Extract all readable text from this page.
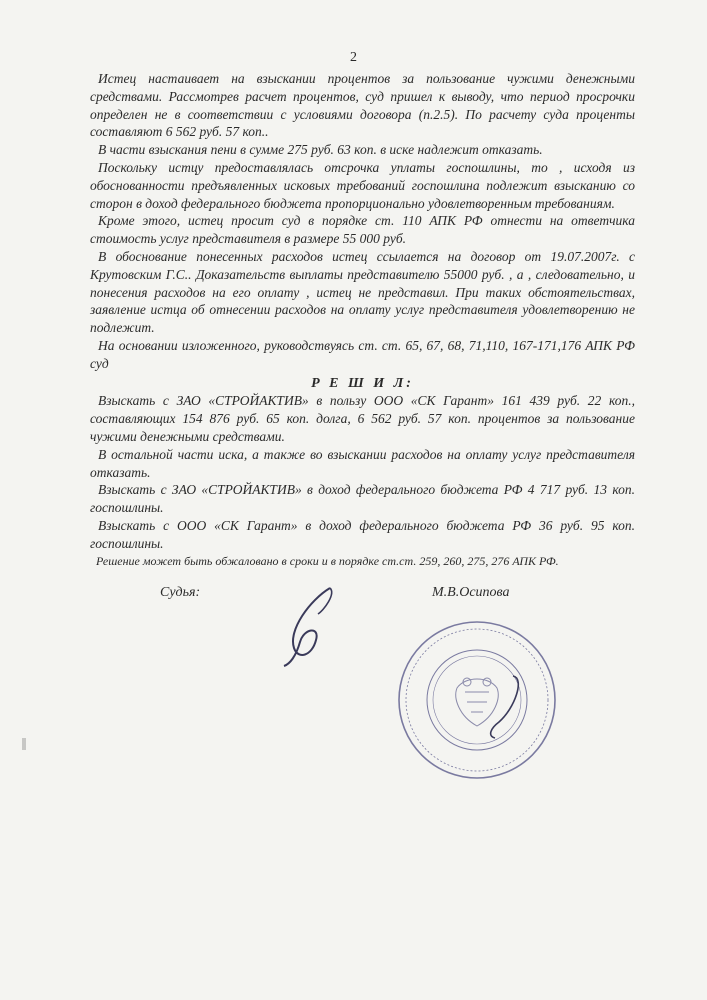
2

Истец настаивает на взыскании процентов за пользование чужими денежными средствами. Рассмотрев расчет процентов, суд пришел к выводу, что период просрочки определен не в соответствии с условиями договора (п.2.5). По расчету суда проценты составляют 6 562 руб. 57 коп..

В части взыскания пени в сумме 275 руб. 63 коп. в иске надлежит отказать.

Поскольку истцу предоставлялась отсрочка уплаты госпошлины, то , исходя из обоснованности предъявленных исковых требований госпошлина подлежит взысканию со сторон в доход федерального бюджета пропорционально удовлетворенным требованиям.

Кроме этого, истец просит суд в порядке ст. 110 АПК РФ отнести на ответчика стоимость услуг представителя в размере 55 000 руб.

В обоснование понесенных расходов истец ссылается на договор от 19.07.2007г. с Крутовским Г.С.. Доказательств выплаты представителю 55000 руб. , а , следовательно, и понесения расходов на его оплату , истец не представил. При таких обстоятельствах, заявление истца об отнесении расходов на оплату услуг представителя удовлетворению не подлежит.

На основании изложенного, руководствуясь ст. ст. 65, 67, 68, 71,110, 167-171,176 АПК РФ суд

Р Е Ш И Л:

Взыскать с ЗАО «СТРОЙАКТИВ» в пользу ООО «СК Гарант» 161 439 руб. 22 коп., составляющих 154 876 руб. 65 коп. долга, 6 562 руб. 57 коп. процентов за пользование чужими денежными средствами.

В остальной части иска, а также во взыскании расходов на оплату услуг представителя отказать.

Взыскать с ЗАО «СТРОЙАКТИВ» в доход федерального бюджета РФ 4 717 руб. 13 коп. госпошлины.

Взыскать с ООО «СК Гарант» в доход федерального бюджета РФ 36 руб. 95 коп. госпошлины.

Решение может быть обжаловано в сроки и в порядке ст.ст. 259, 260, 275, 276 АПК РФ.

Судья:	М.В.Осипова
